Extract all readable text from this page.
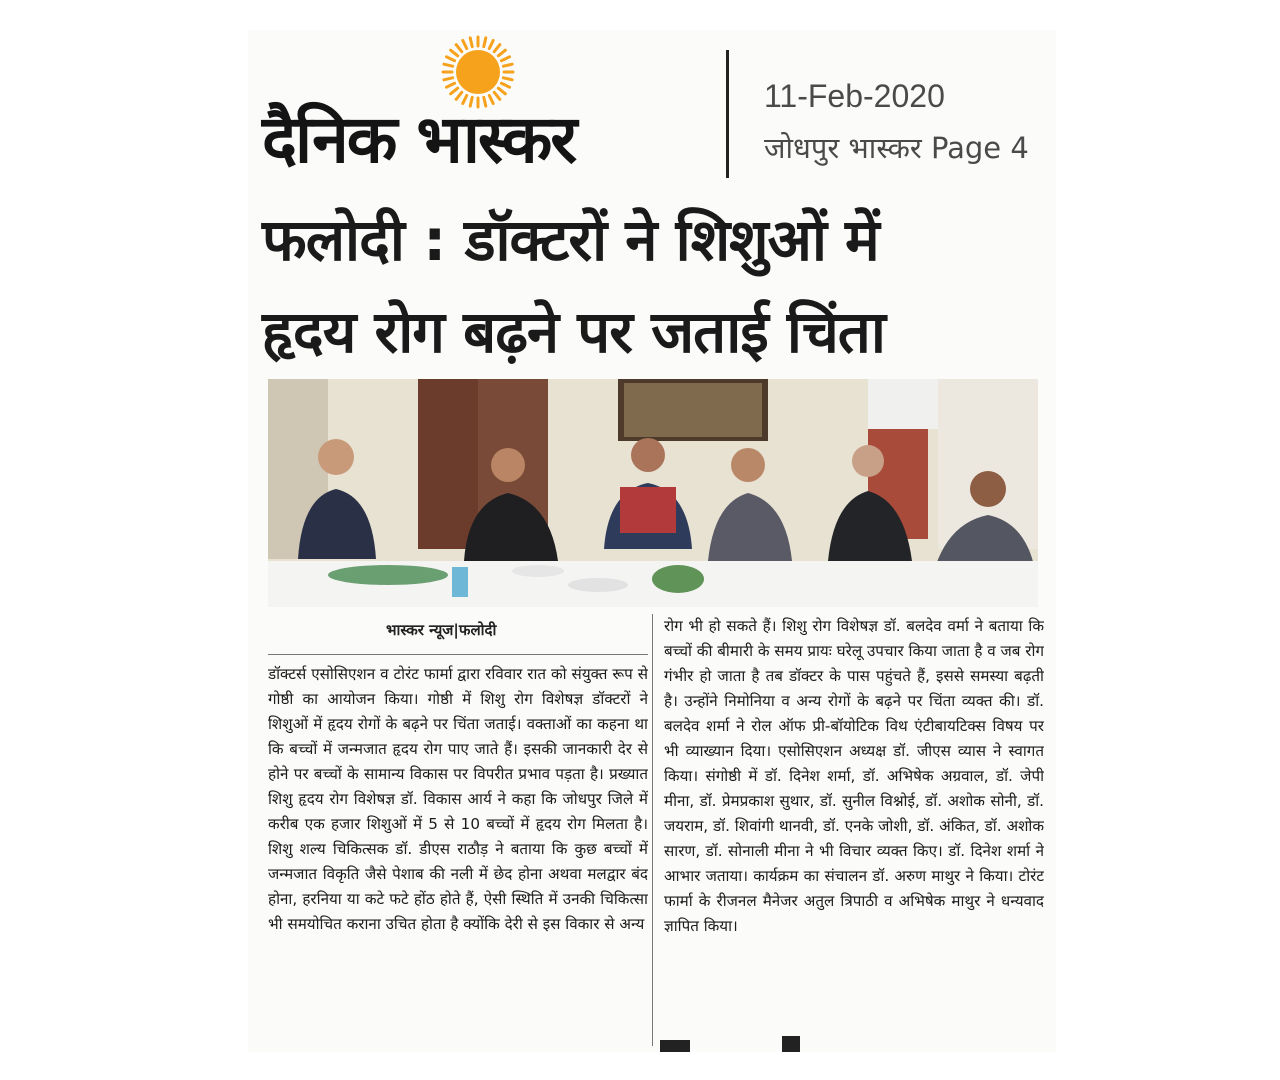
दैनिक भास्कर
11-Feb-2020
जोधपुर भास्कर Page 4
फलोदी : डॉक्टरों ने शिशुओं में
हृदय रोग बढ़ने पर जताई चिंता
भास्कर न्यूज|फलोदी
डॉक्टर्स एसोसिएशन व टोरंट फार्मा द्वारा रविवार रात को संयुक्त रूप से गोष्ठी का आयोजन किया। गोष्ठी में शिशु रोग विशेषज्ञ डॉक्टरों ने शिशुओं में हृदय रोगों के बढ़ने पर चिंता जताई। वक्ताओं का कहना था कि बच्चों में जन्मजात हृदय रोग पाए जाते हैं। इसकी जानकारी देर से होने पर बच्चों के सामान्य विकास पर विपरीत प्रभाव पड़ता है। प्रख्यात शिशु हृदय रोग विशेषज्ञ डॉ. विकास आर्य ने कहा कि जोधपुर जिले में करीब एक हजार शिशुओं में 5 से 10 बच्चों में हृदय रोग मिलता है। शिशु शल्य चिकित्सक डॉ. डीएस राठौड़ ने बताया कि कुछ बच्चों में जन्मजात विकृति जैसे पेशाब की नली में छेद होना अथवा मलद्वार बंद होना, हरनिया या कटे फटे होंठ होते हैं, ऐसी स्थिति में उनकी चिकित्सा भी समयोचित कराना उचित होता है क्योंकि देरी से इस विकार से अन्य
रोग भी हो सकते हैं। शिशु रोग विशेषज्ञ डॉ. बलदेव वर्मा ने बताया कि बच्चों की बीमारी के समय प्रायः घरेलू उपचार किया जाता है व जब रोग गंभीर हो जाता है तब डॉक्टर के पास पहुंचते हैं, इससे समस्या बढ़ती है। उन्होंने निमोनिया व अन्य रोगों के बढ़ने पर चिंता व्यक्त की। डॉ. बलदेव शर्मा ने रोल ऑफ प्री-बॉयोटिक विथ एंटीबायटिक्स विषय पर भी व्याख्यान दिया। एसोसिएशन अध्यक्ष डॉ. जीएस व्यास ने स्वागत किया। संगोष्ठी में डॉ. दिनेश शर्मा, डॉ. अभिषेक अग्रवाल, डॉ. जेपी मीना, डॉ. प्रेमप्रकाश सुथार, डॉ. सुनील विश्नोई, डॉ. अशोक सोनी, डॉ. जयराम, डॉ. शिवांगी थानवी, डॉ. एनके जोशी, डॉ. अंकित, डॉ. अशोक सारण, डॉ. सोनाली मीना ने भी विचार व्यक्त किए। डॉ. दिनेश शर्मा ने आभार जताया। कार्यक्रम का संचालन डॉ. अरुण माथुर ने किया। टोरंट फार्मा के रीजनल मैनेजर अतुल त्रिपाठी व अभिषेक माथुर ने धन्यवाद ज्ञापित किया।
